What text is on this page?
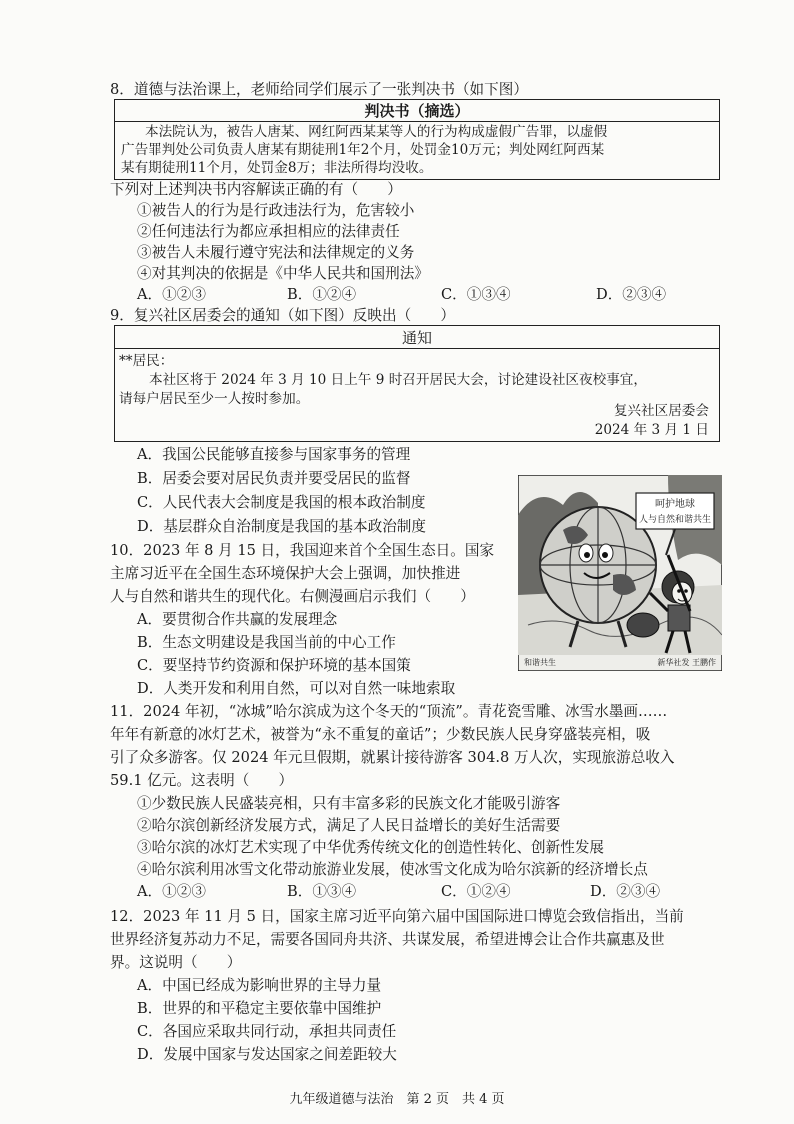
8．道德与法治课上，老师给同学们展示了一张判决书（如下图）
判决书（摘选）
本法院认为，被告人唐某、网红阿西某某等人的行为构成虚假广告罪，以虚假
广告罪判处公司负责人唐某有期徒刑1年2个月，处罚金10万元；判处网红阿西某
某有期徒刑11个月，处罚金8万；非法所得均没收。
下列对上述判决书内容解读正确的有（　　）
①被告人的行为是行政违法行为，危害较小
②任何违法行为都应承担相应的法律责任
③被告人未履行遵守宪法和法律规定的义务
④对其判决的依据是《中华人民共和国刑法》
A．①②③	B．①②④	C．①③④	D．②③④
9．复兴社区居委会的通知（如下图）反映出（　　）
通知
**居民：
本社区将于 2024 年 3 月 10 日上午 9 时召开居民大会，讨论建设社区夜校事宜，
请每户居民至少一人按时参加。
复兴社区居委会
2024 年 3 月 1 日
A．我国公民能够直接参与国家事务的管理
B．居委会要对居民负责并要受居民的监督
C．人民代表大会制度是我国的根本政治制度
D．基层群众自治制度是我国的基本政治制度
10．2023 年 8 月 15 日，我国迎来首个全国生态日。国家
主席习近平在全国生态环境保护大会上强调，加快推进
人与自然和谐共生的现代化。右侧漫画启示我们（　　）
A．要贯彻合作共赢的发展理念
B．生态文明建设是我国当前的中心工作
C．要坚持节约资源和保护环境的基本国策
D．人类开发和利用自然，可以对自然一味地索取
呵护地球
人与自然和谐共生
和谐共生	新华社发 王鹏作
11．2024 年初，“冰城”哈尔滨成为这个冬天的“顶流”。青花瓷雪雕、冰雪水墨画……
年年有新意的冰灯艺术，被誉为“永不重复的童话”；少数民族人民身穿盛装亮相，吸
引了众多游客。仅 2024 年元旦假期，就累计接待游客 304.8 万人次，实现旅游总收入
59.1 亿元。这表明（　　）
①少数民族人民盛装亮相，只有丰富多彩的民族文化才能吸引游客
②哈尔滨创新经济发展方式，满足了人民日益增长的美好生活需要
③哈尔滨的冰灯艺术实现了中华优秀传统文化的创造性转化、创新性发展
④哈尔滨利用冰雪文化带动旅游业发展，使冰雪文化成为哈尔滨新的经济增长点
A．①②③	B．①③④	C．①②④	D．②③④
12．2023 年 11 月 5 日，国家主席习近平向第六届中国国际进口博览会致信指出，当前
世界经济复苏动力不足，需要各国同舟共济、共谋发展，希望进博会让合作共赢惠及世
界。这说明（　　）
A．中国已经成为影响世界的主导力量
B．世界的和平稳定主要依靠中国维护
C．各国应采取共同行动，承担共同责任
D．发展中国家与发达国家之间差距较大
九年级道德与法治　第 2 页　共 4 页
